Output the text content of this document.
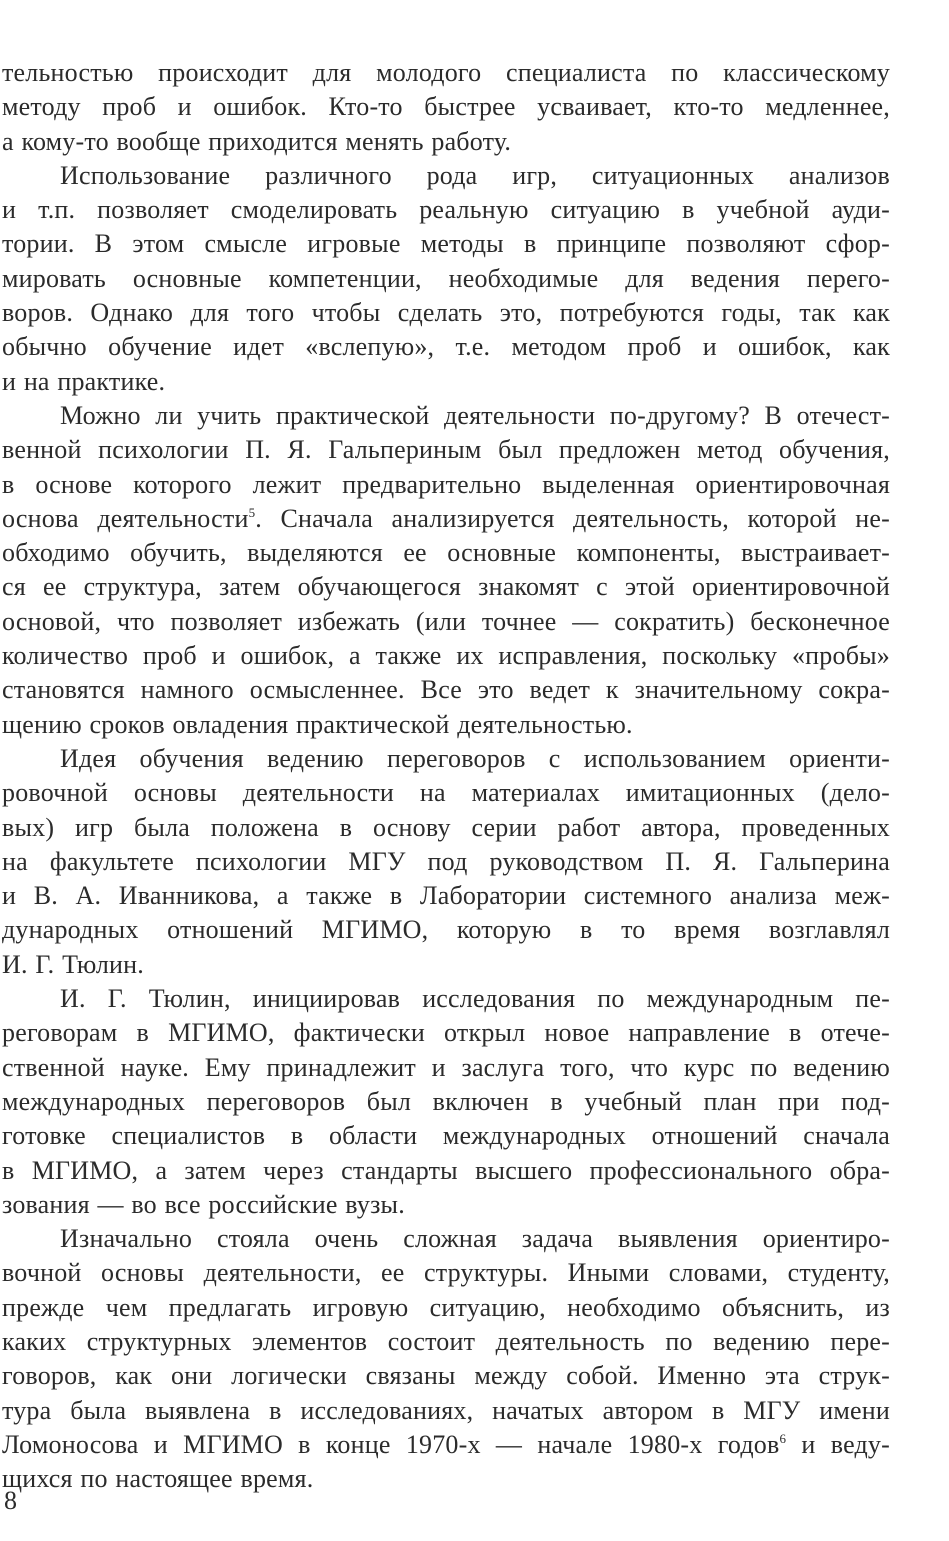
тельностью происходит для молодого специалиста по классическому
методу проб и ошибок. Кто-то быстрее усваивает, кто-то медленнее,
а кому-то вообще приходится менять работу.
Использование различного рода игр, ситуационных анализов
и т.п. позволяет смоделировать реальную ситуацию в учебной ауди-
тории. В этом смысле игровые методы в принципе позволяют сфор-
мировать основные компетенции, необходимые для ведения перего-
воров. Однако для того чтобы сделать это, потребуются годы, так как
обычно обучение идет «вслепую», т.е. методом проб и ошибок, как
и на практике.
Можно ли учить практической деятельности по-другому? В отечест-
венной психологии П. Я. Гальпериным был предложен метод обучения,
в основе которого лежит предварительно выделенная ориентировочная
основа деятельности$^5$. Сначала анализируется деятельность, которой не-
обходимо обучить, выделяются ее основные компоненты, выстраивает-
ся ее структура, затем обучающегося знакомят с этой ориентировочной
основой, что позволяет избежать (или точнее — сократить) бесконечное
количество проб и ошибок, а также их исправления, поскольку «пробы»
становятся намного осмысленнее. Все это ведет к значительному сокра-
щению сроков овладения практической деятельностью.
Идея обучения ведению переговоров с использованием ориенти-
ровочной основы деятельности на материалах имитационных (дело-
вых) игр была положена в основу серии работ автора, проведенных
на факультете психологии МГУ под руководством П. Я. Гальперина
и В. А. Иванникова, а также в Лаборатории системного анализа меж-
дународных отношений МГИМО, которую в то время возглавлял
И. Г. Тюлин.
И. Г. Тюлин, инициировав исследования по международным пе-
реговорам в МГИМО, фактически открыл новое направление в отече-
ственной науке. Ему принадлежит и заслуга того, что курс по ведению
международных переговоров был включен в учебный план при под-
готовке специалистов в области международных отношений сначала
в МГИМО, а затем через стандарты высшего профессионального обра-
зования — во все российские вузы.
Изначально стояла очень сложная задача выявления ориентиро-
вочной основы деятельности, ее структуры. Иными словами, студенту,
прежде чем предлагать игровую ситуацию, необходимо объяснить, из
каких структурных элементов состоит деятельность по ведению пере-
говоров, как они логически связаны между собой. Именно эта струк-
тура была выявлена в исследованиях, начатых автором в МГУ имени
Ломоносова и МГИМО в конце 1970-х — начале 1980-х годов$^6$ и веду-
щихся по настоящее время.
8
